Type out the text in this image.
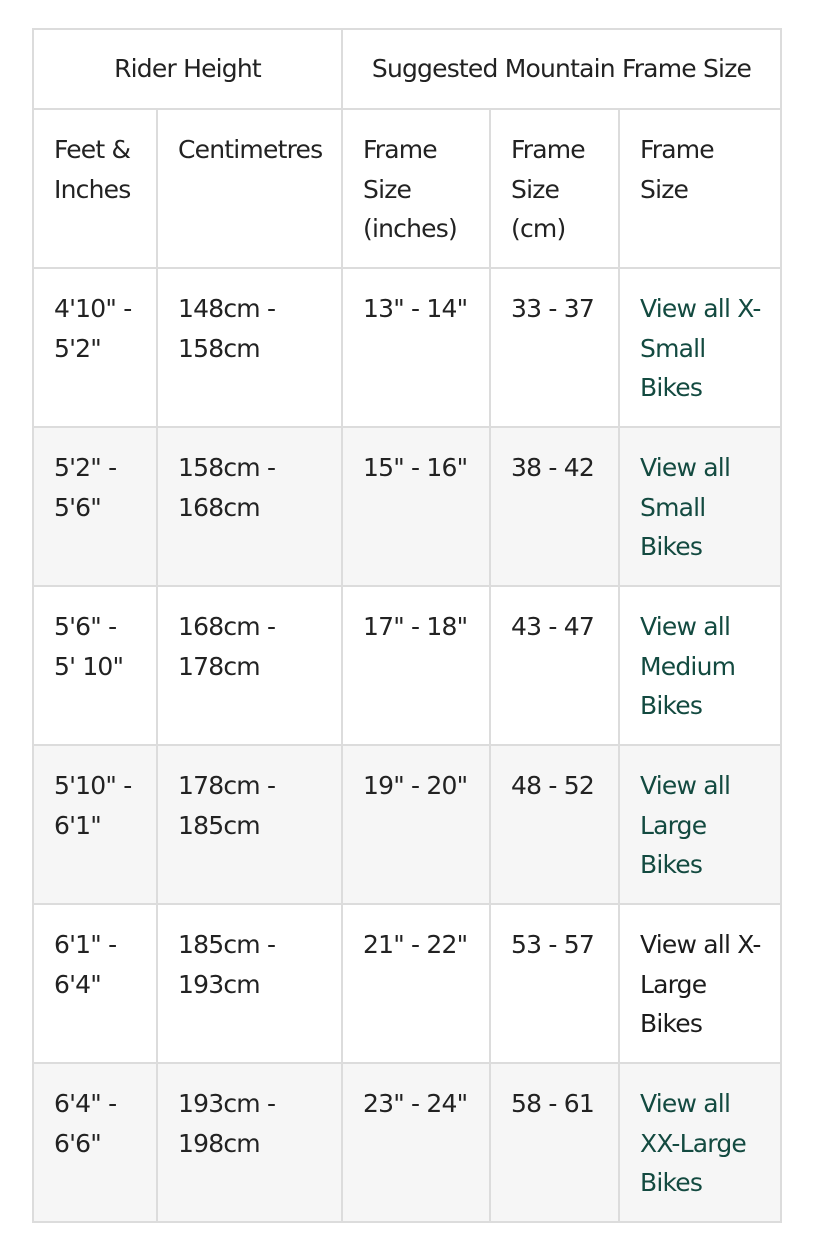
Rider Height		Suggested Mountain Frame Size		
Feet & Inches	Centimetres	Frame Size (inches)	Frame Size (cm)	Frame Size
4'10" - 5'2"	148cm - 158cm	13" - 14"	33 - 37	View all X-Small Bikes
5'2" - 5'6"	158cm - 168cm	15" - 16"	38 - 42	View all Small Bikes
5'6" - 5' 10"	168cm - 178cm	17" - 18"	43 - 47	View all Medium Bikes
5'10" - 6'1"	178cm - 185cm	19" - 20"	48 - 52	View all Large Bikes
6'1" - 6'4"	185cm - 193cm	21" - 22"	53 - 57	View all X-Large Bikes
6'4" - 6'6"	193cm - 198cm	23" - 24"	58 - 61	View all XX-Large Bikes
